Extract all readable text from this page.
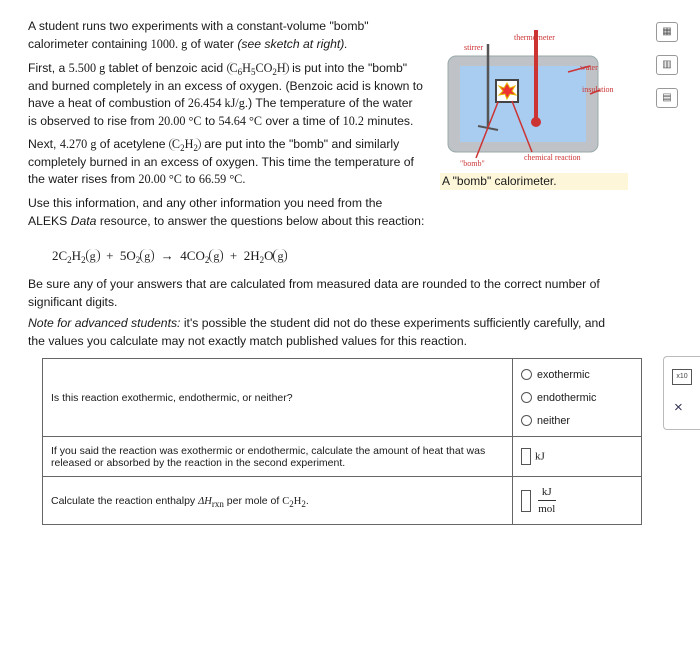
A student runs two experiments with a constant-volume "bomb"
calorimeter containing 1000. g of water (see sketch at right).

First, a 5.500 g tablet of benzoic acid $C_6H_5CO_2H$ is put into the "bomb"
and burned completely in an excess of oxygen. (Benzoic acid is known to
have a heat of combustion of 26.454 kJ/g.) The temperature of the water
is observed to rise from 20.00 °C to 54.64 °C over a time of 10.2 minutes.

Next, 4.270 g of acetylene $C_2H_2$ are put into the "bomb" and similarly
completely burned in an excess of oxygen. This time the temperature of
the water rises from 20.00 °C to 66.59 °C.

Use this information, and any other information you need from the
ALEKS Data resource, to answer the questions below about this reaction:

stirrer
thermometer
water
insulation
chemical reaction
"bomb"
A "bomb" calorimeter.
$2C_2H_2$ $g + 5O_2$ $g \to 4CO_2$ $g + 2H_2O$ g

Be sure any of your answers that are calculated from measured data are rounded to the correct number of
significant digits.

Note for advanced students: it's possible the student did not do these experiments sufficiently carefully, and
the values you calculate may not exactly match published values for this reaction.

Is this reaction exothermic, endothermic, or neither?	exothermic
endothermic
neither

If you said the reaction was exothermic or endothermic, calculate the amount of heat that was
released or absorbed by the reaction in the second experiment.	kJ
Calculate the reaction enthalpy $\Delta H_{rxn}$ per mole of $C_2H_2$.	$\frac{kJ}{\text{mol}}$
▦
▥
▤
x10
×
